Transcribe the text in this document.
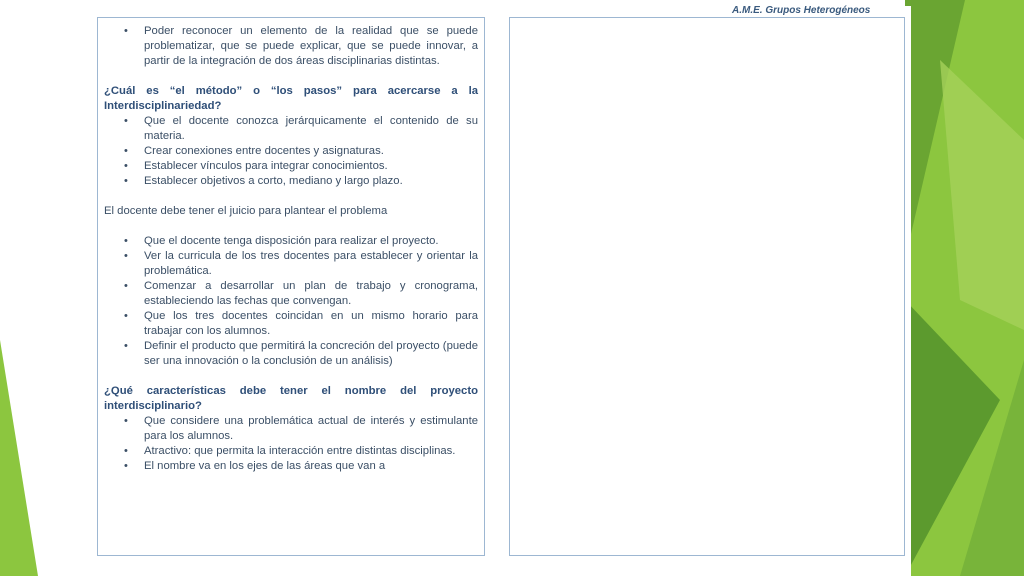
A.M.E. Grupos Heterogéneos
• Poder reconocer un elemento de la realidad que se puede problematizar, que se puede explicar, que se puede innovar, a partir de la integración de dos áreas disciplinarias distintas.
¿Cuál es “el método” o “los pasos” para acercarse a la Interdisciplinariedad?
• Que el docente conozca jerárquicamente el contenido de su materia.
• Crear conexiones entre docentes y asignaturas.
• Establecer vínculos para integrar conocimientos.
• Establecer objetivos a corto, mediano y largo plazo.
El docente debe tener el juicio para plantear el problema
• Que el docente tenga disposición para realizar el proyecto.
• Ver la curricula de los tres docentes para establecer y orientar la problemática.
• Comenzar a desarrollar un plan de trabajo y cronograma, estableciendo las fechas que convengan.
• Que los tres docentes coincidan en un mismo horario para trabajar con los alumnos.
• Definir el producto que permitirá la concreción del proyecto (puede ser una innovación o la conclusión de un análisis)
¿Qué características debe tener el nombre del proyecto interdisciplinario?
• Que considere una problemática actual de interés y estimulante para los alumnos.
• Atractivo: que permita la interacción entre distintas disciplinas.
• El nombre va en los ejes de las áreas que van a
